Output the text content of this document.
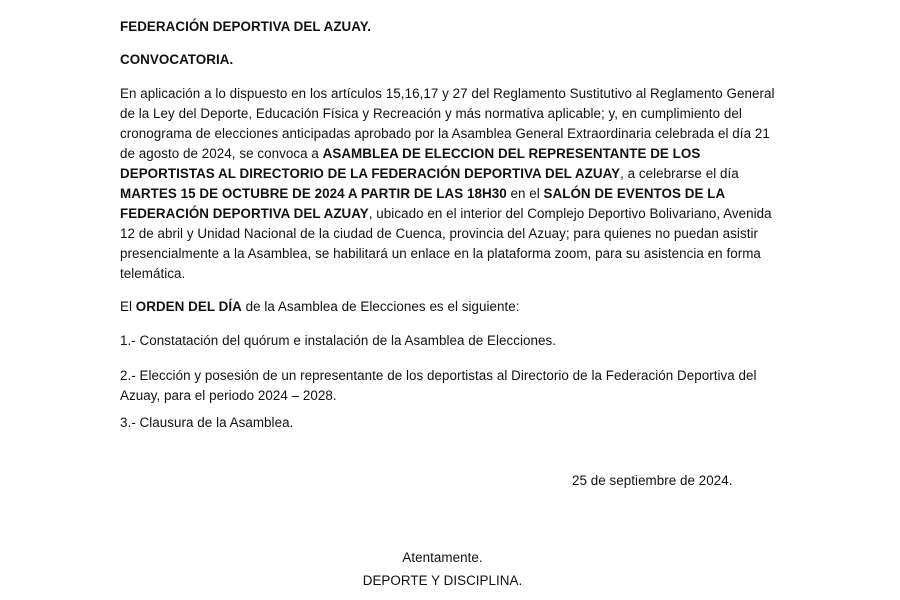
FEDERACIÓN DEPORTIVA DEL AZUAY.
CONVOCATORIA.
En aplicación a lo dispuesto en los artículos 15,16,17 y 27 del Reglamento Sustitutivo al Reglamento General de la Ley del Deporte, Educación Física y Recreación y más normativa aplicable; y, en cumplimiento del cronograma de elecciones anticipadas aprobado por la Asamblea General Extraordinaria celebrada el día 21 de agosto de 2024, se convoca a ASAMBLEA DE ELECCION DEL REPRESENTANTE DE LOS DEPORTISTAS AL DIRECTORIO DE LA FEDERACIÓN DEPORTIVA DEL AZUAY, a celebrarse el día MARTES 15 DE OCTUBRE DE 2024 A PARTIR DE LAS 18H30 en el SALÓN DE EVENTOS DE LA FEDERACIÓN DEPORTIVA DEL AZUAY, ubicado en el interior del Complejo Deportivo Bolivariano, Avenida 12 de abril y Unidad Nacional de la ciudad de Cuenca, provincia del Azuay; para quienes no puedan asistir presencialmente a la Asamblea, se habilitará un enlace en la plataforma zoom, para su asistencia en forma telemática.
El ORDEN DEL DÍA de la Asamblea de Elecciones es el siguiente:
1.- Constatación del quórum e instalación de la Asamblea de Elecciones.
2.- Elección y posesión de un representante de los deportistas al Directorio de la Federación Deportiva del Azuay, para el periodo 2024 – 2028.
3.- Clausura de la Asamblea.
25 de septiembre de 2024.
Atentamente.
DEPORTE Y DISCIPLINA.
